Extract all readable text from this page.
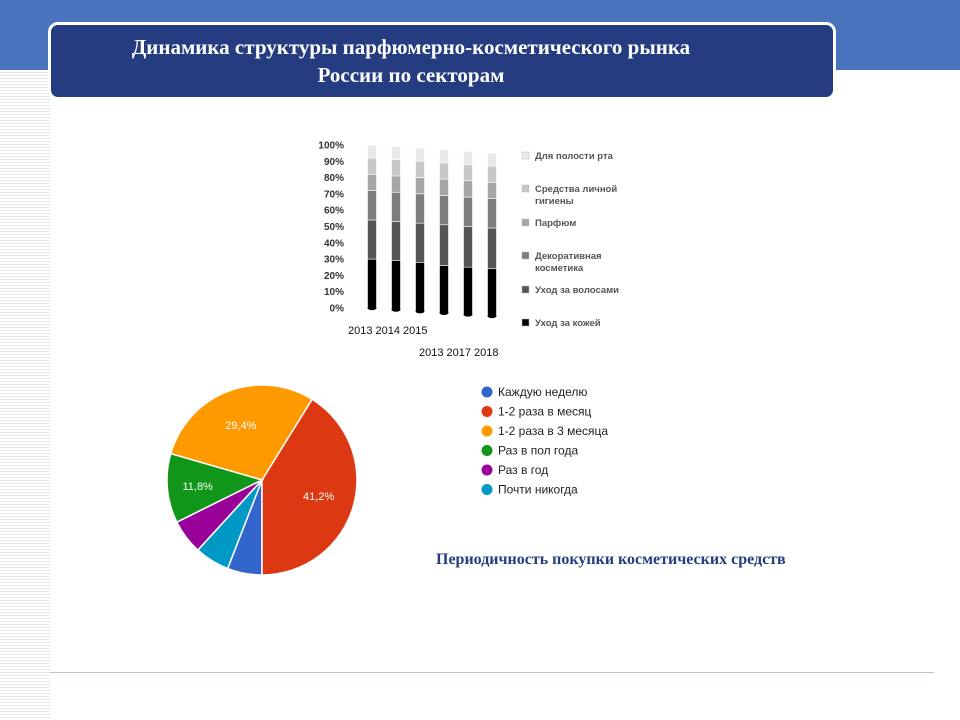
Динамика структуры парфюмерно-косметического рынка
России по секторам
0%
10%
20%
30%
40%
50%
60%
70%
80%
90%
100%
2013 2014 2015
2013 2017 2018
Для полости рта
Средства личной
гигиены
Парфюм
Декоративная
косметика
Уход за волосами
Уход за кожей
41,2%
29,4%
11,8%
Каждую неделю
1-2 раза в месяц
1-2 раза в 3 месяца
Раз в пол года
Раз в год
Почти никогда
Периодичность покупки косметических средств
